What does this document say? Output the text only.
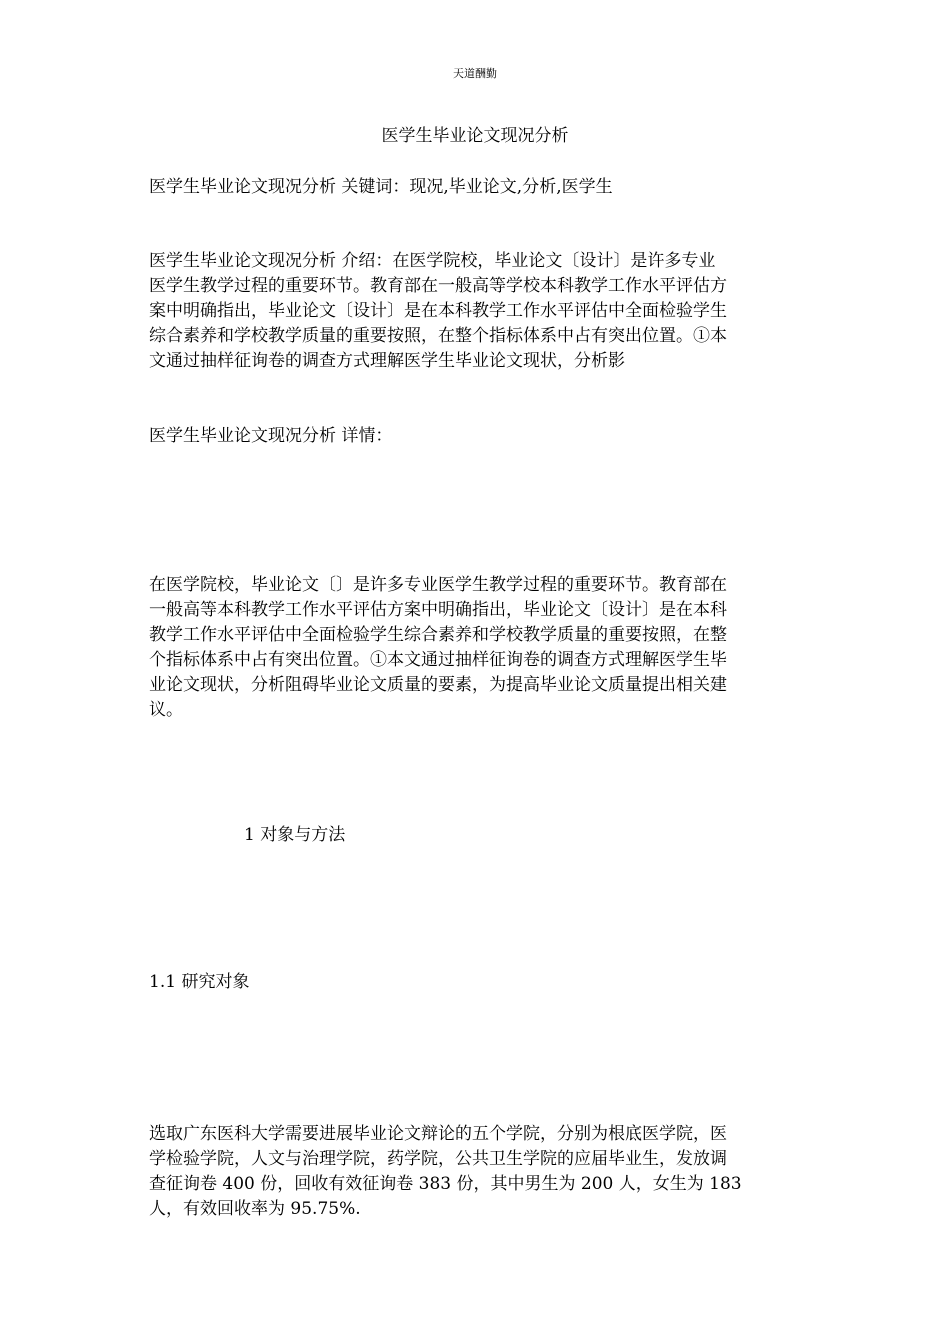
天道酬勤
医学生毕业论文现况分析

医学生毕业论文现况分析 关键词：现况,毕业论文,分析,医学生

医学生毕业论文现况分析 介绍：在医学院校，毕业论文〔设计〕是许多专业
医学生教学过程的重要环节。教育部在一般高等学校本科教学工作水平评估方
案中明确指出，毕业论文〔设计〕是在本科教学工作水平评估中全面检验学生
综合素养和学校教学质量的重要按照，在整个指标体系中占有突出位置。①本
文通过抽样征询卷的调查方式理解医学生毕业论文现状，分析影

医学生毕业论文现况分析 详情：

在医学院校，毕业论文〔〕是许多专业医学生教学过程的重要环节。教育部在
一般高等本科教学工作水平评估方案中明确指出，毕业论文〔设计〕是在本科
教学工作水平评估中全面检验学生综合素养和学校教学质量的重要按照，在整
个指标体系中占有突出位置。①本文通过抽样征询卷的调查方式理解医学生毕
业论文现状，分析阻碍毕业论文质量的要素，为提高毕业论文质量提出相关建
议。

1 对象与方法

1.1 研究对象

选取广东医科大学需要进展毕业论文辩论的五个学院，分别为根底医学院，医
学检验学院，人文与治理学院，药学院，公共卫生学院的应届毕业生，发放调
查征询卷 400 份，回收有效征询卷 383 份，其中男生为 200 人，女生为 183
人，有效回收率为 95.75%.
